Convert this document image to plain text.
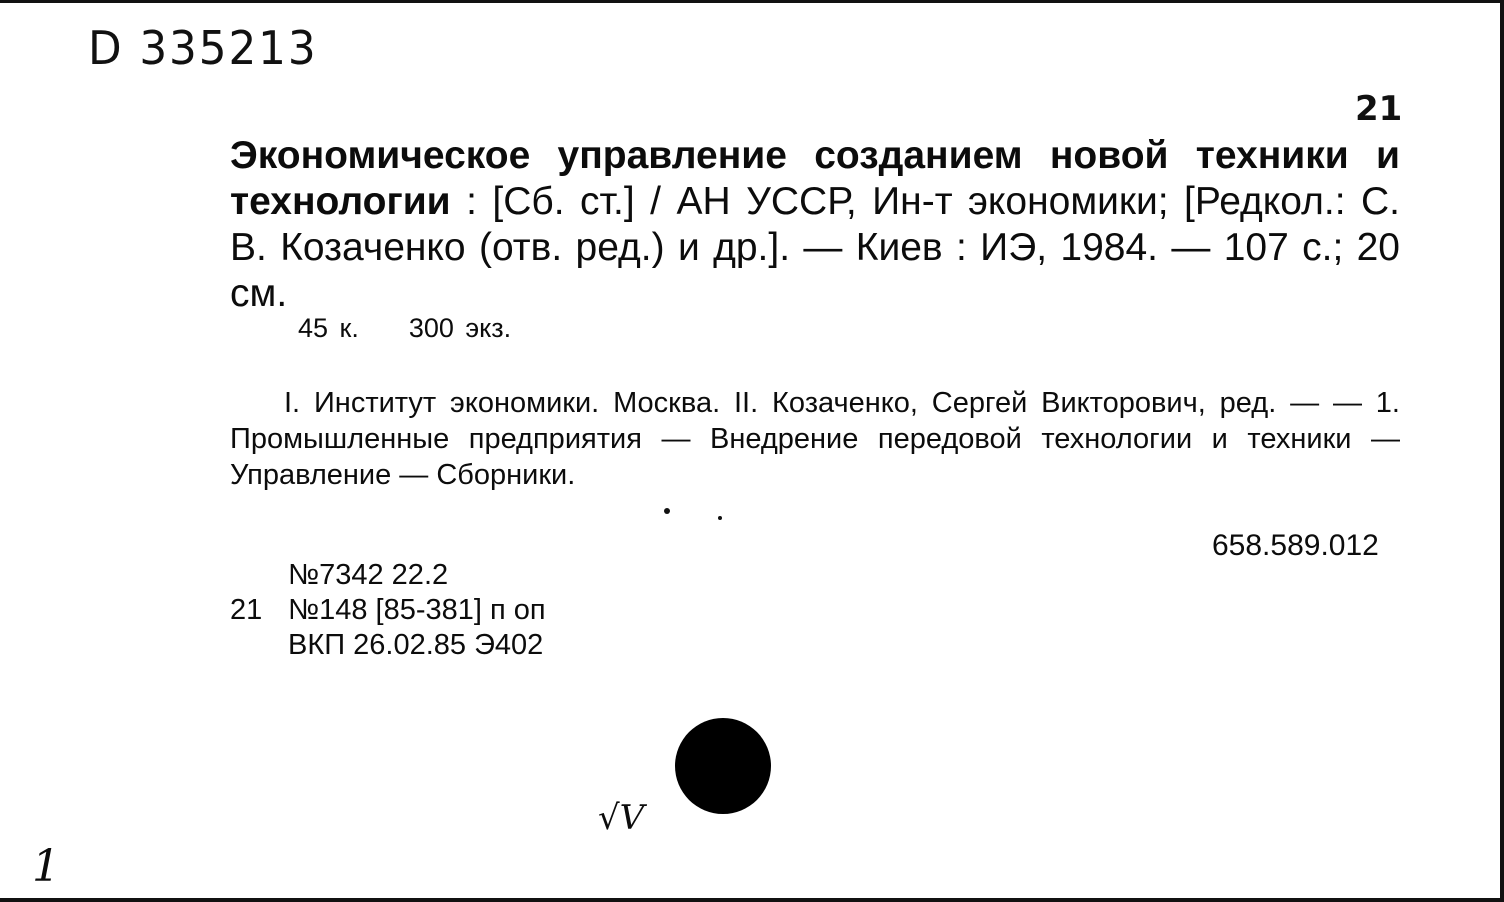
D 335213
21
Экономическое управление созданием новой техники и технологии : [Сб. ст.] / АН УССР, Ин-т экономики; [Редкол.: С. В. Козаченко (отв. ред.) и др.]. — Киев : ИЭ, 1984. — 107 с.; 20 см.
45 к. 300 экз.
I. Институт экономики. Москва. II. Козаченко, Сергей Викторович, ред. — — 1. Промышленные предприятия — Внедрение передовой технологии и техники — Управление — Сборники.
658.589.012
№7342 22.2
21 №148 [85-381] п оп
ВКП 26.02.85 Э402
√V
1
